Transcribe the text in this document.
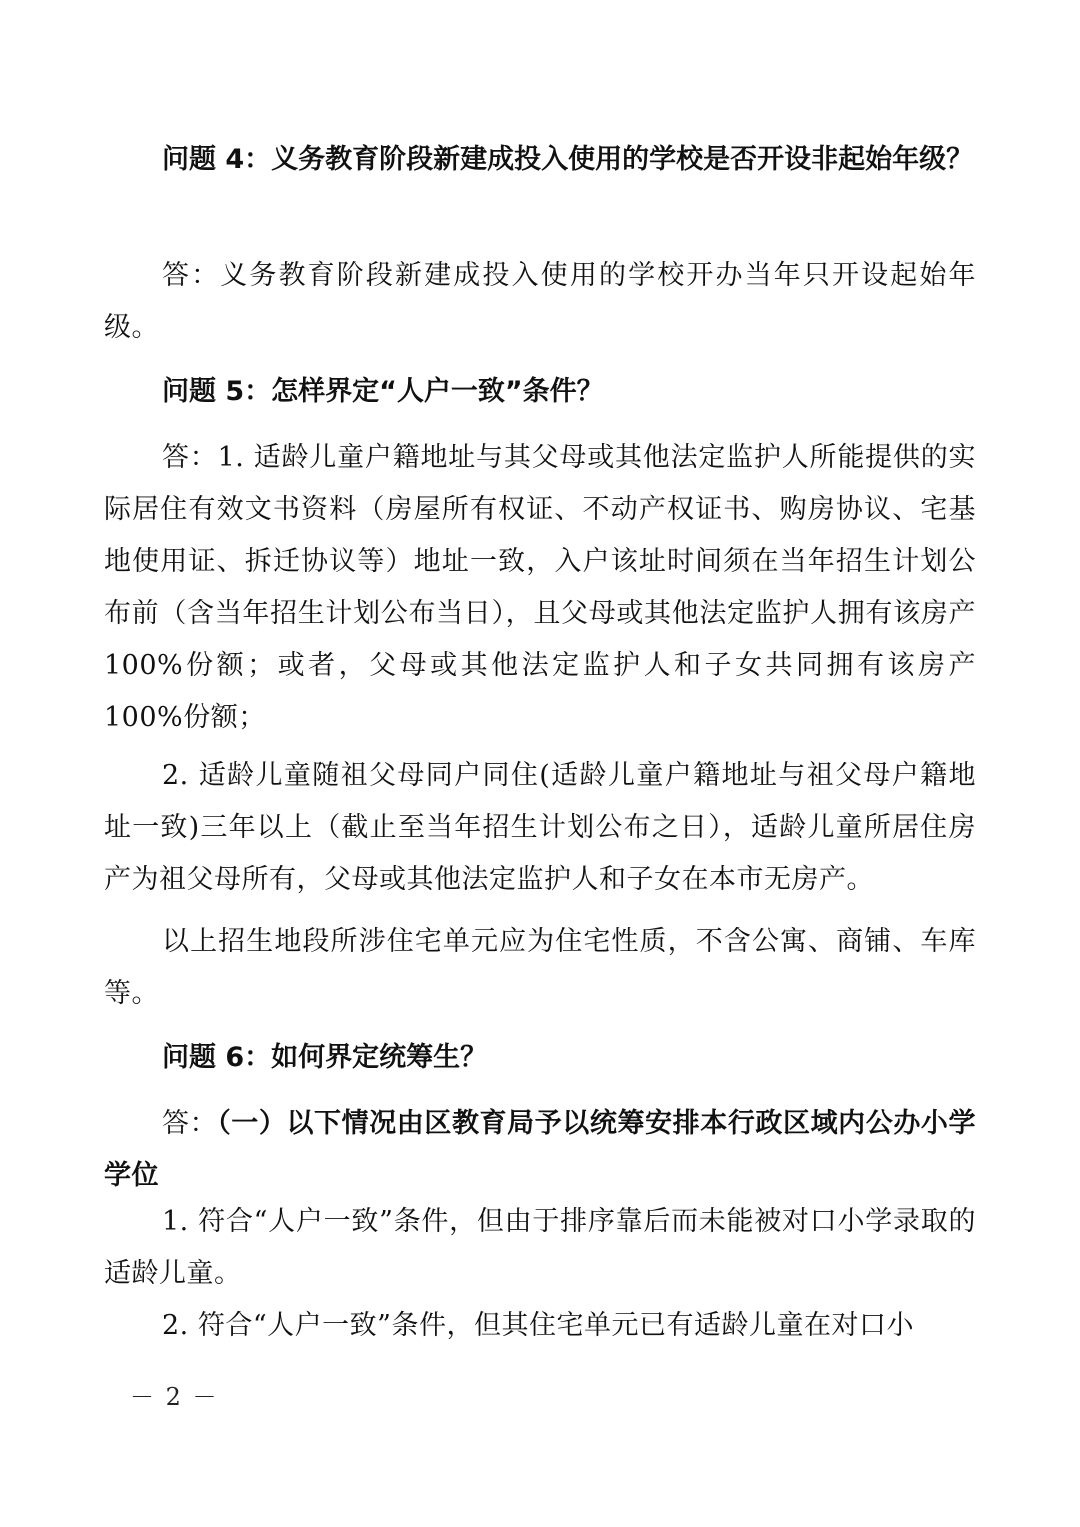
问题 4：义务教育阶段新建成投入使用的学校是否开设非起始年级？

答：义务教育阶段新建成投入使用的学校开办当年只开设起始年级。

问题 5：怎样界定“人户一致”条件？

答：1. 适龄儿童户籍地址与其父母或其他法定监护人所能提供的实际居住有效文书资料（房屋所有权证、不动产权证书、购房协议、宅基地使用证、拆迁协议等）地址一致，入户该址时间须在当年招生计划公布前（含当年招生计划公布当日），且父母或其他法定监护人拥有该房产 100%份额；或者，父母或其他法定监护人和子女共同拥有该房产 100%份额；

2. 适龄儿童随祖父母同户同住(适龄儿童户籍地址与祖父母户籍地址一致)三年以上（截止至当年招生计划公布之日），适龄儿童所居住房产为祖父母所有，父母或其他法定监护人和子女在本市无房产。

以上招生地段所涉住宅单元应为住宅性质，不含公寓、商铺、车库等。

问题 6：如何界定统筹生？

答：（一）以下情况由区教育局予以统筹安排本行政区域内公办小学学位

1. 符合“人户一致”条件，但由于排序靠后而未能被对口小学录取的适龄儿童。

2. 符合“人户一致”条件，但其住宅单元已有适龄儿童在对口小

－ 2 －
